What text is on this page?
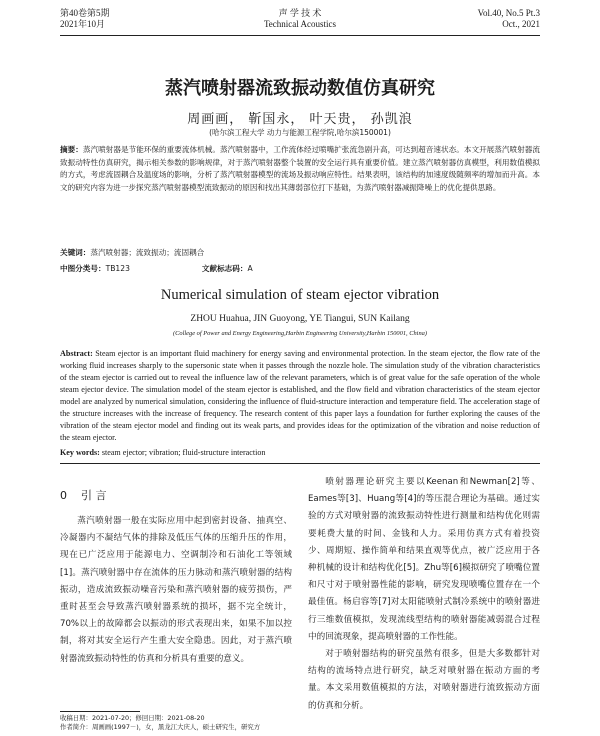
第40卷第5期
2021年10月
声 学 技 术
Technical Acoustics
Vol.40, No.5 Pt.3
Oct., 2021
蒸汽喷射器流致振动数值仿真研究
周画画， 靳国永， 叶天贵， 孙凯浪
(哈尔滨工程大学 动力与能源工程学院,哈尔滨150001)
摘要：蒸汽喷射器是节能环保的重要流体机械。蒸汽喷射器中，工作流体经过喷嘴扩张流急剧升高，可达到超音速状态。本文开展蒸汽喷射器流致振动特性仿真研究，揭示相关参数的影响规律，对于蒸汽喷射器整个装置的安全运行具有重要价值。建立蒸汽喷射器仿真模型，利用数值模拟的方式，考虑流固耦合及温度场的影响，分析了蒸汽喷射器模型的流场及振动响应特性。结果表明，该结构的加速度级随频率的增加而升高。本文的研究内容为进一步探究蒸汽喷射器模型流致振动的原因和找出其薄弱部位打下基础，为蒸汽喷射器减振降噪上的优化提供思路。
关键词：蒸汽喷射器；流致振动；流固耦合
中图分类号：TB123	文献标志码：A
Numerical simulation of steam ejector vibration
ZHOU Huahua, JIN Guoyong, YE Tiangui, SUN Kailang
(College of Power and Energy Engineering,Harbin Engineering University,Harbin 150001, China)
Abstract: Steam ejector is an important fluid machinery for energy saving and environmental protection. In the steam ejector, the flow rate of the working fluid increases sharply to the supersonic state when it passes through the nozzle hole. The simulation study of the vibration characteristics of the steam ejector is carried out to reveal the influence law of the relevant parameters, which is of great value for the safe operation of the whole steam ejector device. The simulation model of the steam ejector is established, and the flow field and vibration characteristics of the steam ejector model are analyzed by numerical simulation, considering the influence of fluid-structure interaction and temperature field. The acceleration stage of the structure increases with the increase of frequency. The research content of this paper lays a foundation for further exploring the causes of the vibration of the steam ejector model and finding out its weak parts, and provides ideas for the optimization of the vibration and noise reduction of the steam ejector.
Key words: steam ejector; vibration; fluid-structure interaction
0 引 言

蒸汽喷射器一般在实际应用中起到密封设备、抽真空、冷凝器内不凝结气体的排除及低压气体的压缩升压的作用，现在已广泛应用于能源电力、空调制冷和石油化工等领域[1]。蒸汽喷射器中存在流体的压力脉动和蒸汽喷射器的结构振动，造成流致振动噪音污染和蒸汽喷射器的疲劳损伤，严重时甚至会导致蒸汽喷射器系统的损坏，据不完全统计，70%以上的故障都会以振动的形式表现出来，如果不加以控制，将对其安全运行产生重大安全隐患。因此，对于蒸汽喷射器流致振动特性的仿真和分析具有重要的意义。

喷射器理论研究主要以Keenan和Newman[2]等、Eames等[3]、Huang等[4]的等压混合理论为基础。通过实验的方式对喷射器的流致振动特性进行测量和结构优化则需要耗费大量的时间、金钱和人力。采用仿真方式有着投资少、周期短、操作简单和结果直观等优点，被广泛应用于各种机械的设计和结构优化[5]。Zhu等[6]模拟研究了喷嘴位置和尺寸对于喷射器性能的影响，研究发现喷嘴位置存在一个最佳值。杨启容等[7]对太阳能喷射式制冷系统中的喷射器进行三维数值模拟，发现流线型结构的喷射器能减弱混合过程中的回流现象，提高喷射器的工作性能。

对于喷射器结构的研究虽然有很多，但是大多数都针对结构的流场特点进行研究，缺乏对喷射器在振动方面的考量。本文采用数值模拟的方法，对喷射器进行流致振动方面的仿真和分析。

收稿日期：2021-07-20；修回日期：2021-08-20
作者简介：周画画(1997－)，女，黑龙江大庆人，硕士研究生，研究方
